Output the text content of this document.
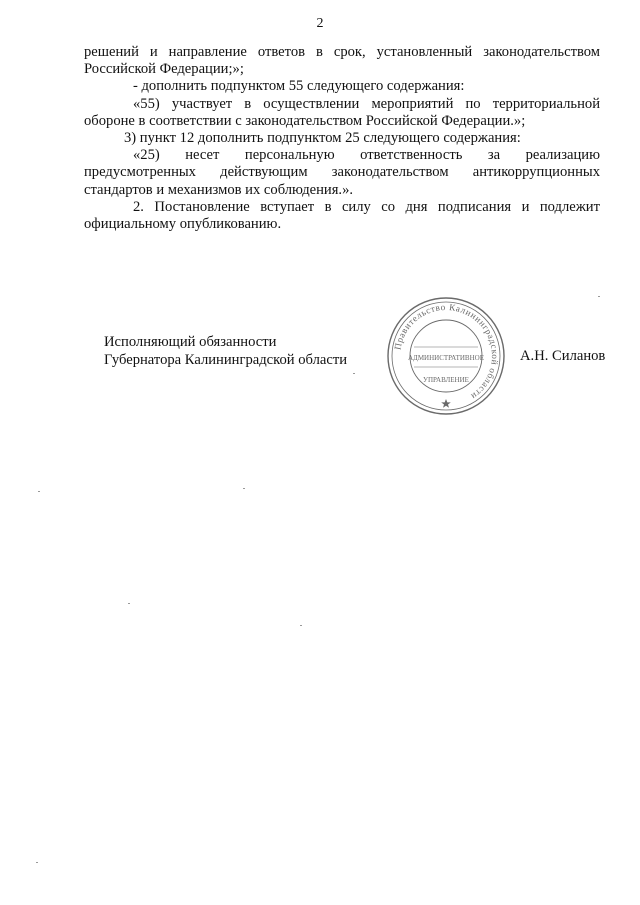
2

решений и направление ответов в срок, установленный законодательством Российской Федерации;»;

- дополнить подпунктом 55 следующего содержания:

«55) участвует в осуществлении мероприятий по территориальной обороне в соответствии с законодательством Российской Федерации.»;

3) пункт 12 дополнить подпунктом 25 следующего содержания:

«25) несет персональную ответственность за реализацию предусмотренных действующим законодательством антикоррупционных стандартов и механизмов их соблюдения.».

2. Постановление вступает в силу со дня подписания и подлежит официальному опубликованию.

Исполняющий обязанности
Губернатора Калининградской области	А.Н. Силанов
Правительство Калининградской области
АДМИНИСТРАТИВНОЕ
УПРАВЛЕНИЕ
